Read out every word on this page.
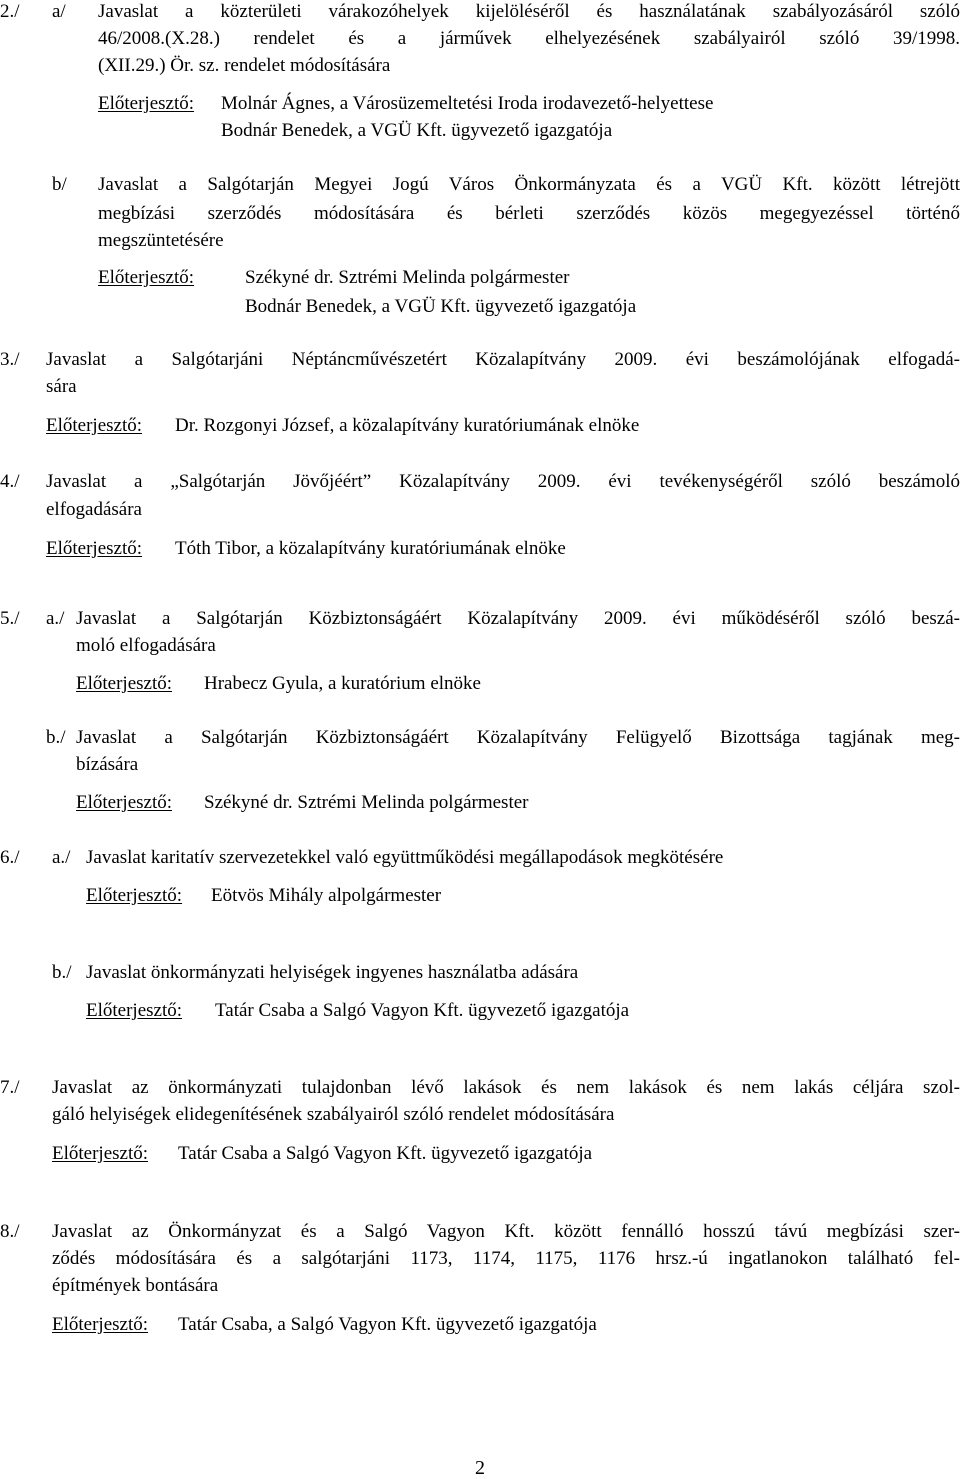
2./ a/ Javaslat a közterületi várakozóhelyek kijelöléséről és használatának szabályozásáról szóló
46/2008.(X.28.) rendelet és a járművek elhelyezésének szabályairól szóló 39/1998.
(XII.29.) Ör. sz. rendelet módosítására
Előterjesztő: Molnár Ágnes, a Városüzemeltetési Iroda irodavezető-helyettese
Bodnár Benedek, a VGÜ Kft. ügyvezető igazgatója
b/ Javaslat a Salgótarján Megyei Jogú Város Önkormányzata és a VGÜ Kft. között létrejött
megbízási szerződés módosítására és bérleti szerződés közös megegyezéssel történő
megszüntetésére
Előterjesztő:	Székyné dr. Sztrémi Melinda polgármester
Bodnár Benedek, a VGÜ Kft. ügyvezető igazgatója
3./ Javaslat a Salgótarjáni Néptáncművészetért Közalapítvány 2009. évi beszámolójának elfogadá-
sára
Előterjesztő: Dr. Rozgonyi József, a közalapítvány kuratóriumának elnöke
4./ Javaslat a „Salgótarján Jövőjéért” Közalapítvány 2009. évi tevékenységéről szóló beszámoló
elfogadására
Előterjesztő: Tóth Tibor, a közalapítvány kuratóriumának elnöke
5./ a./ Javaslat a Salgótarján Közbiztonságáért Közalapítvány 2009. évi működéséről szóló beszá-
moló elfogadására
Előterjesztő: Hrabecz Gyula, a kuratórium elnöke
b./ Javaslat a Salgótarján Közbiztonságáért Közalapítvány Felügyelő Bizottsága tagjának meg-
bízására
Előterjesztő: Székyné dr. Sztrémi Melinda polgármester
6./ a./ Javaslat karitatív szervezetekkel való együttműködési megállapodások megkötésére
Előterjesztő: Eötvös Mihály alpolgármester
b./ Javaslat önkormányzati helyiségek ingyenes használatba adására
Előterjesztő: Tatár Csaba a Salgó Vagyon Kft. ügyvezető igazgatója
7./ Javaslat az önkormányzati tulajdonban lévő lakások és nem lakások és nem lakás céljára szol-
gáló helyiségek elidegenítésének szabályairól szóló rendelet módosítására
Előterjesztő: Tatár Csaba a Salgó Vagyon Kft. ügyvezető igazgatója
8./ Javaslat az Önkormányzat és a Salgó Vagyon Kft. között fennálló hosszú távú megbízási szer-
ződés módosítására és a salgótarjáni 1173, 1174, 1175, 1176 hrsz.-ú ingatlanokon található fel-
építmények bontására
Előterjesztő: Tatár Csaba, a Salgó Vagyon Kft. ügyvezető igazgatója
2
